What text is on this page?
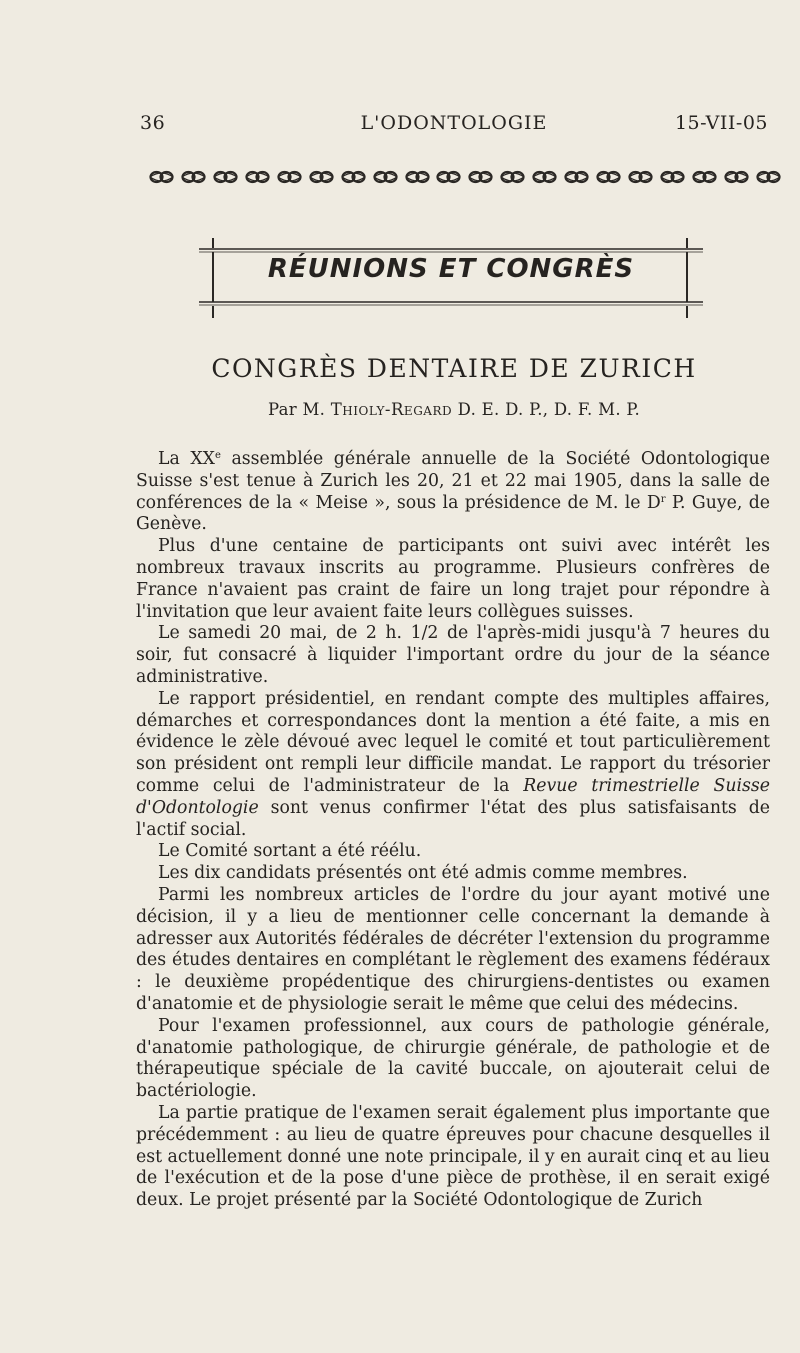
36	L'ODONTOLOGIE	15-VII-05
RÉUNIONS ET CONGRÈS
CONGRÈS DENTAIRE DE ZURICH
Par M. Thioly-Regard D. E. D. P., D. F. M. P.

La XXe assemblée générale annuelle de la Société Odontologique Suisse s'est tenue à Zurich les 20, 21 et 22 mai 1905, dans la salle de conférences de la « Meise », sous la présidence de M. le $D^r$ P. Guye, de Genève.

Plus d'une centaine de participants ont suivi avec intérêt les nombreux travaux inscrits au programme. Plusieurs confrères de France n'avaient pas craint de faire un long trajet pour répondre à l'invitation que leur avaient faite leurs collègues suisses.

Le samedi 20 mai, de 2 h. 1/2 de l'après-midi jusqu'à 7 heures du soir, fut consacré à liquider l'important ordre du jour de la séance administrative.

Le rapport présidentiel, en rendant compte des multiples affaires, démarches et correspondances dont la mention a été faite, a mis en évidence le zèle dévoué avec lequel le comité et tout particulièrement son président ont rempli leur difficile mandat. Le rapport du trésorier comme celui de l'administrateur de la Revue trimestrielle Suisse d'Odontologie sont venus confirmer l'état des plus satisfaisants de l'actif social.

Le Comité sortant a été réélu.

Les dix candidats présentés ont été admis comme membres.

Parmi les nombreux articles de l'ordre du jour ayant motivé une décision, il y a lieu de mentionner celle concernant la demande à adresser aux Autorités fédérales de décréter l'extension du programme des études dentaires en complétant le règlement des examens fédéraux : le deuxième propédentique des chirurgiens-dentistes ou examen d'anatomie et de physiologie serait le même que celui des médecins.

Pour l'examen professionnel, aux cours de pathologie générale, d'anatomie pathologique, de chirurgie générale, de pathologie et de thérapeutique spéciale de la cavité buccale, on ajouterait celui de bactériologie.

La partie pratique de l'examen serait également plus importante que précédemment : au lieu de quatre épreuves pour chacune desquelles il est actuellement donné une note principale, il y en aurait cinq et au lieu de l'exécution et de la pose d'une pièce de prothèse, il en serait exigé deux. Le projet présenté par la Société Odontologique de Zurich
